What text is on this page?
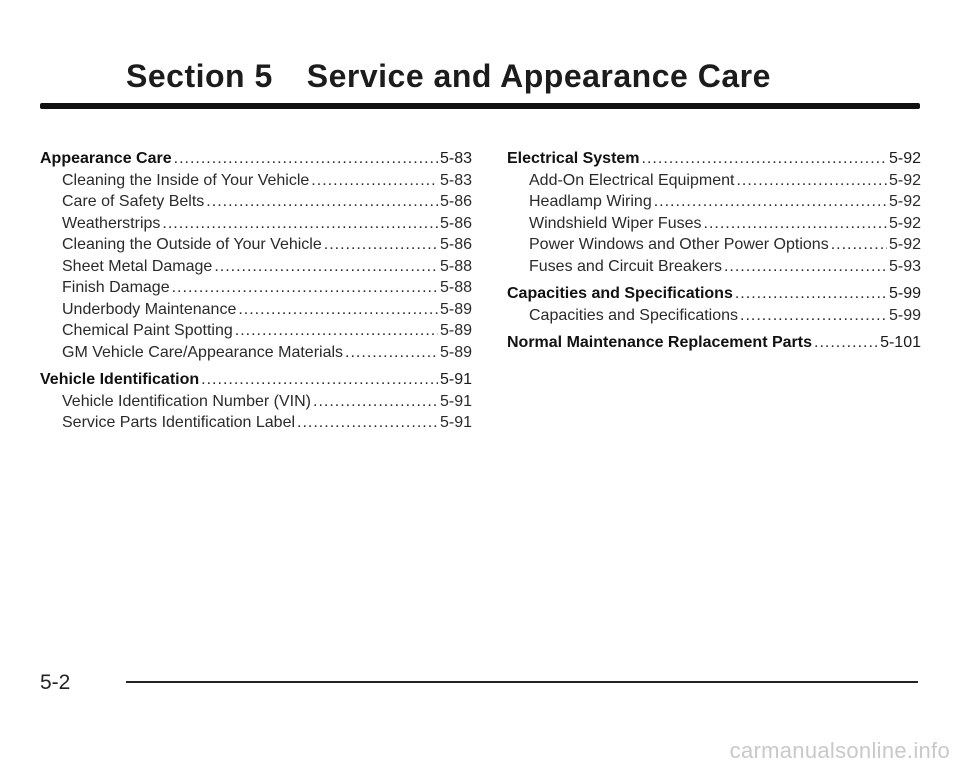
Section 5 Service and Appearance Care
Appearance Care .....	5-83
Cleaning the Inside of Your Vehicle .....	5-83
Care of Safety Belts .....	5-86
Weatherstrips .....	5-86
Cleaning the Outside of Your Vehicle .....	5-86
Sheet Metal Damage .....	5-88
Finish Damage .....	5-88
Underbody Maintenance .....	5-89
Chemical Paint Spotting .....	5-89
GM Vehicle Care/Appearance Materials .....	5-89
Vehicle Identification .....	5-91
Vehicle Identification Number (VIN) .....	5-91
Service Parts Identification Label .....	5-91
Electrical System .....	5-92
Add-On Electrical Equipment .....	5-92
Headlamp Wiring .....	5-92
Windshield Wiper Fuses .....	5-92
Power Windows and Other Power Options .....	5-92
Fuses and Circuit Breakers .....	5-93
Capacities and Specifications .....	5-99
Capacities and Specifications .....	5-99
Normal Maintenance Replacement Parts .....	5-101
5-2
carmanualsonline.info
